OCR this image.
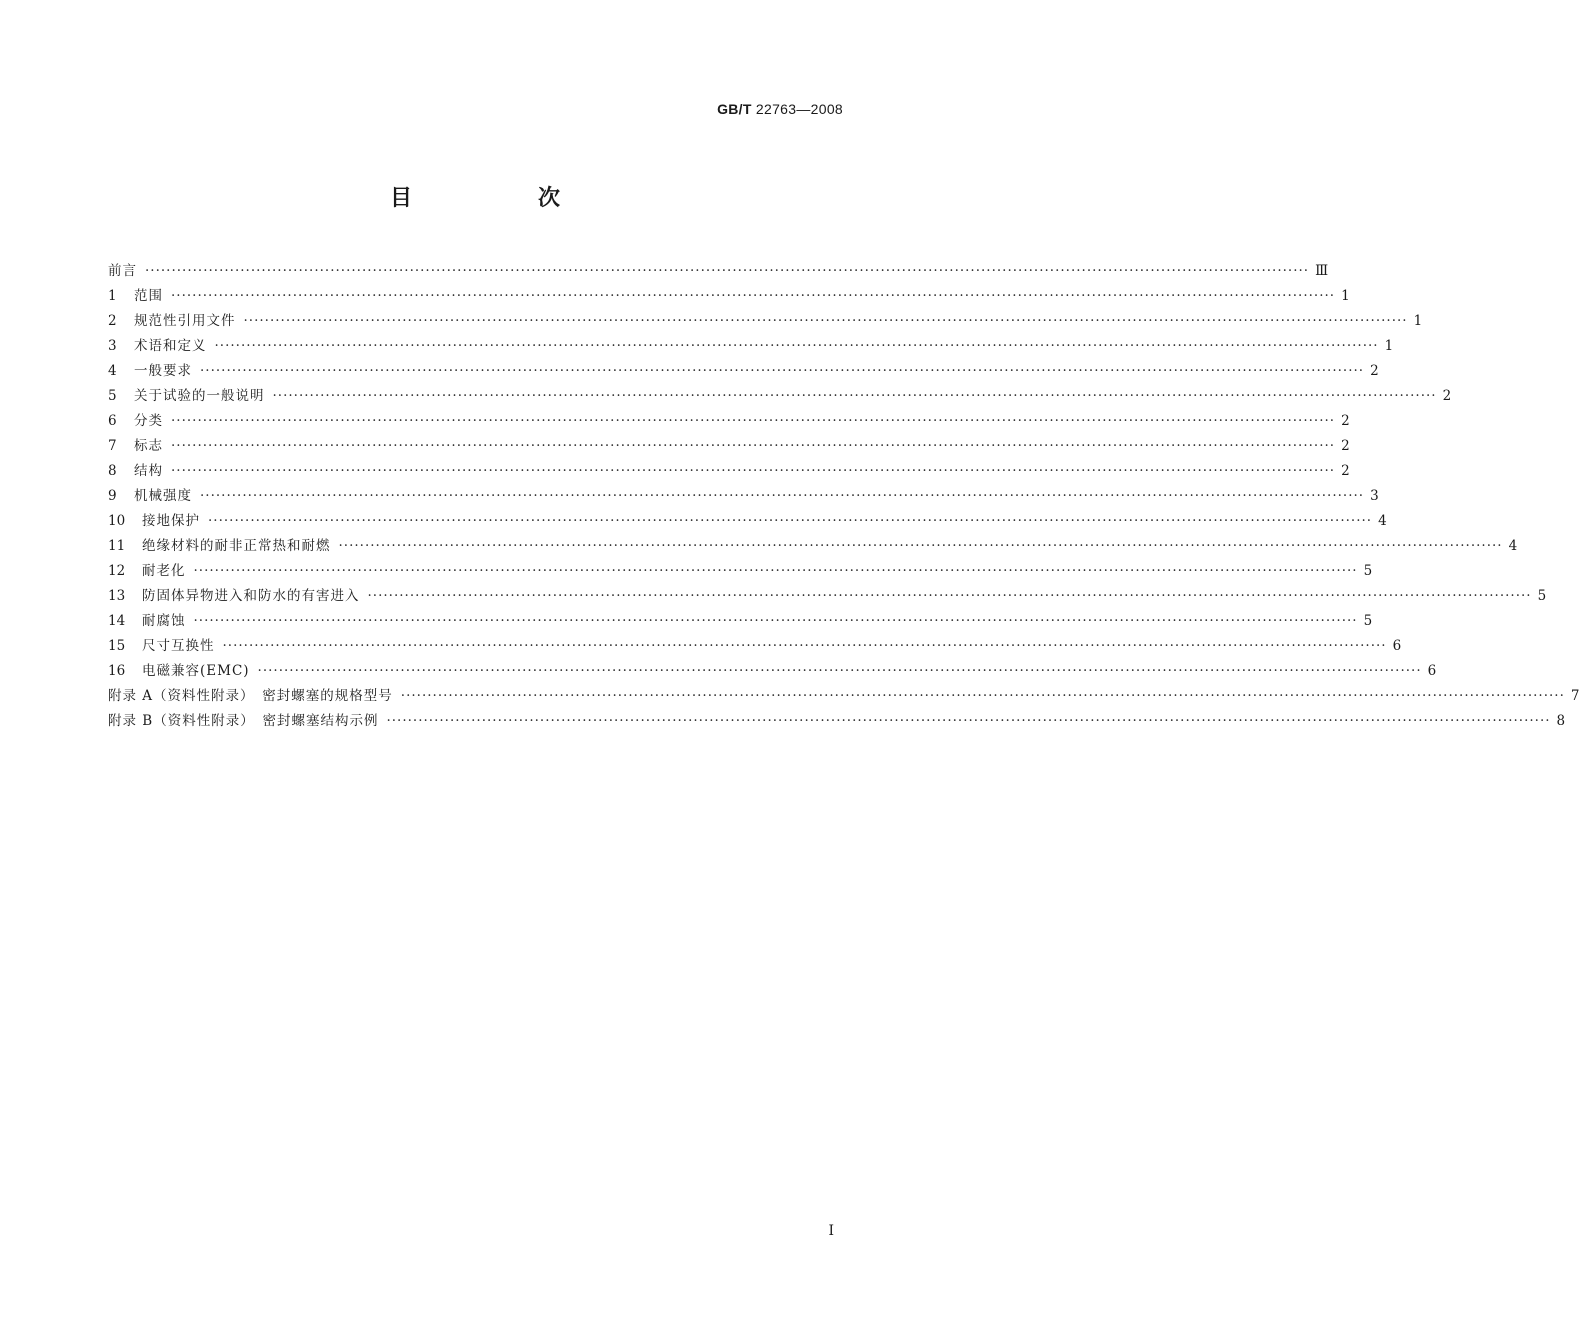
GB/T 22763—2008
目　次
前言 ···························································································································································································································· Ⅲ
1	范围 ···························································································································································································································· 1
2	规范性引用文件 ···························································································································································································································· 1
3	术语和定义 ···························································································································································································································· 1
4	一般要求 ···························································································································································································································· 2
5	关于试验的一般说明 ···························································································································································································································· 2
6	分类 ···························································································································································································································· 2
7	标志 ···························································································································································································································· 2
8	结构 ···························································································································································································································· 2
9	机械强度 ···························································································································································································································· 3
10	接地保护 ···························································································································································································································· 4
11	绝缘材料的耐非正常热和耐燃 ···························································································································································································································· 4
12	耐老化 ···························································································································································································································· 5
13	防固体异物进入和防水的有害进入 ···························································································································································································································· 5
14	耐腐蚀 ···························································································································································································································· 5
15	尺寸互换性 ···························································································································································································································· 6
16	电磁兼容(EMC) ···························································································································································································································· 6
附录 A（资料性附录）　密封螺塞的规格型号 ···························································································································································································································· 7
附录 B（资料性附录）　密封螺塞结构示例 ···························································································································································································································· 8
I
